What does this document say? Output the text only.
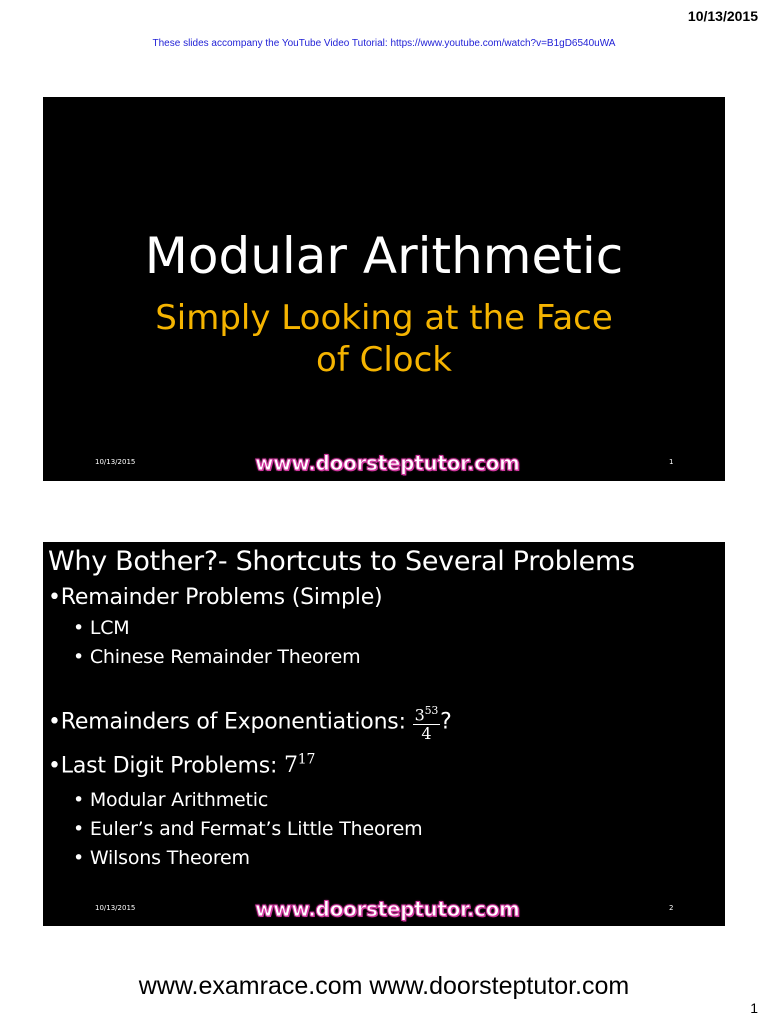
10/13/2015
These slides accompany the YouTube Video Tutorial: https://www.youtube.com/watch?v=B1gD6540uWA
Modular Arithmetic
Simply Looking at the Face
of Clock
10/13/2015	www.doorsteptutor.com	1
Why Bother?- Shortcuts to Several Problems
•Remainder Problems (Simple)
• LCM
• Chinese Remainder Theorem
•Remainders of Exponentiations: $\frac{3^{53}}{4}$ ?
•Last Digit Problems: $7^{17}$
• Modular Arithmetic
• Euler’s and Fermat’s Little Theorem
• Wilsons Theorem
10/13/2015	www.doorsteptutor.com	2
www.examrace.com www.doorsteptutor.com
1
